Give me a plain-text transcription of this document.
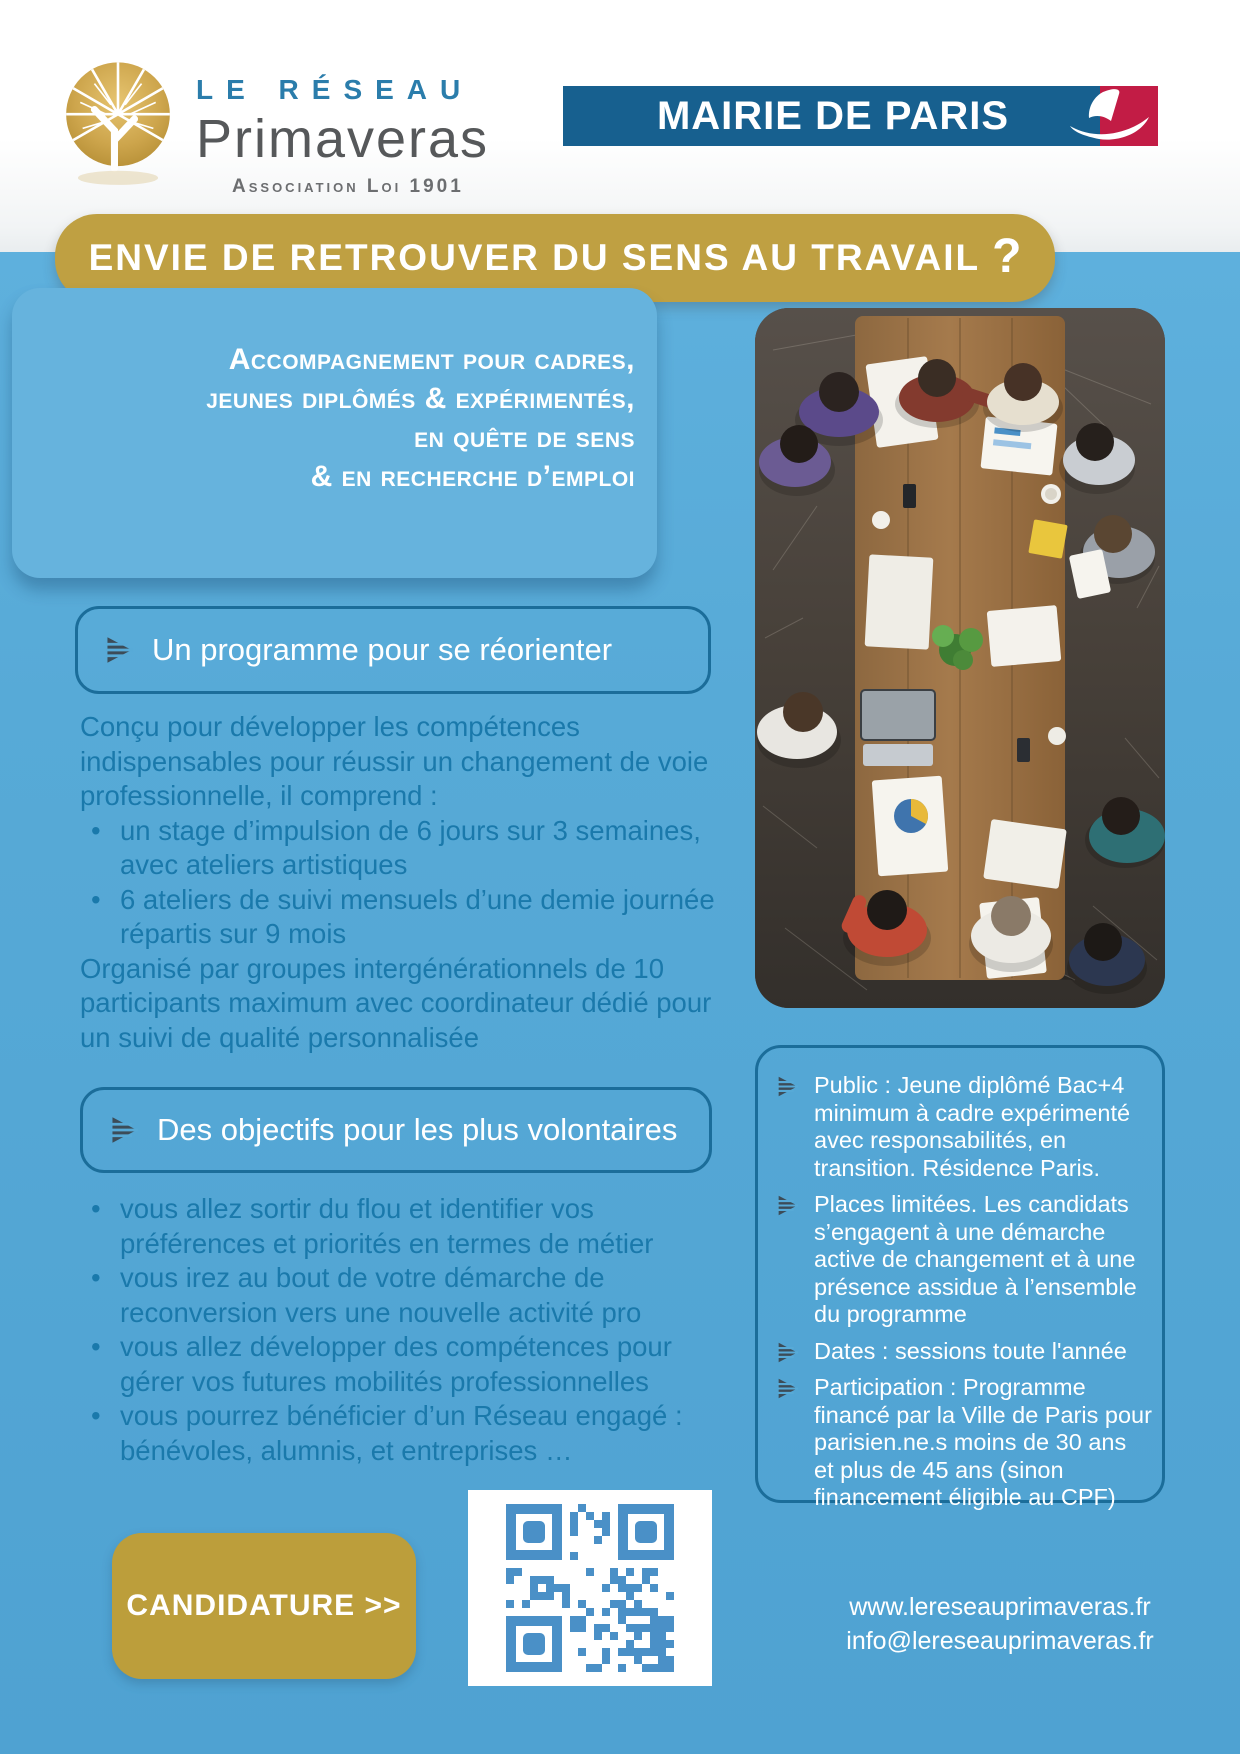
LE RÉSEAU
Primaveras
Association Loi 1901
MAIRIE DE PARIS
ENVIE DE RETROUVER DU SENS AU TRAVAIL ?
Accompagnement pour cadres,
jeunes diplômés & expérimentés,
en quête de sens
& en recherche d’emploi
Un programme pour se réorienter
Conçu pour développer les compétences indispensables pour réussir un changement de voie professionnelle, il comprend :
• un stage d’impulsion de 6 jours sur 3 semaines, avec ateliers artistiques
• 6 ateliers de suivi mensuels d’une demie journée répartis sur 9 mois
Organisé par groupes intergénérationnels de 10 participants maximum avec coordinateur dédié pour un suivi de qualité personnalisée
Des objectifs pour les plus volontaires
• vous allez sortir du flou et identifier vos préférences et priorités en termes de métier
• vous irez au bout de votre démarche de reconversion vers une nouvelle activité pro
• vous allez développer des compétences pour gérer vos futures mobilités professionnelles
• vous pourrez bénéficier d’un Réseau engagé : bénévoles, alumnis, et entreprises …
Public : Jeune diplômé Bac+4 minimum à cadre expérimenté avec responsabilités, en transition. Résidence Paris.
Places limitées. Les candidats s’engagent à une démarche active de changement et à une présence assidue à l’ensemble du programme
Dates : sessions toute l'année
Participation : Programme financé par la Ville de Paris pour parisien.ne.s moins de 30 ans et plus de 45 ans (sinon financement éligible au CPF)
CANDIDATURE >>	www.lereseauprimaveras.fr
info@lereseauprimaveras.fr
